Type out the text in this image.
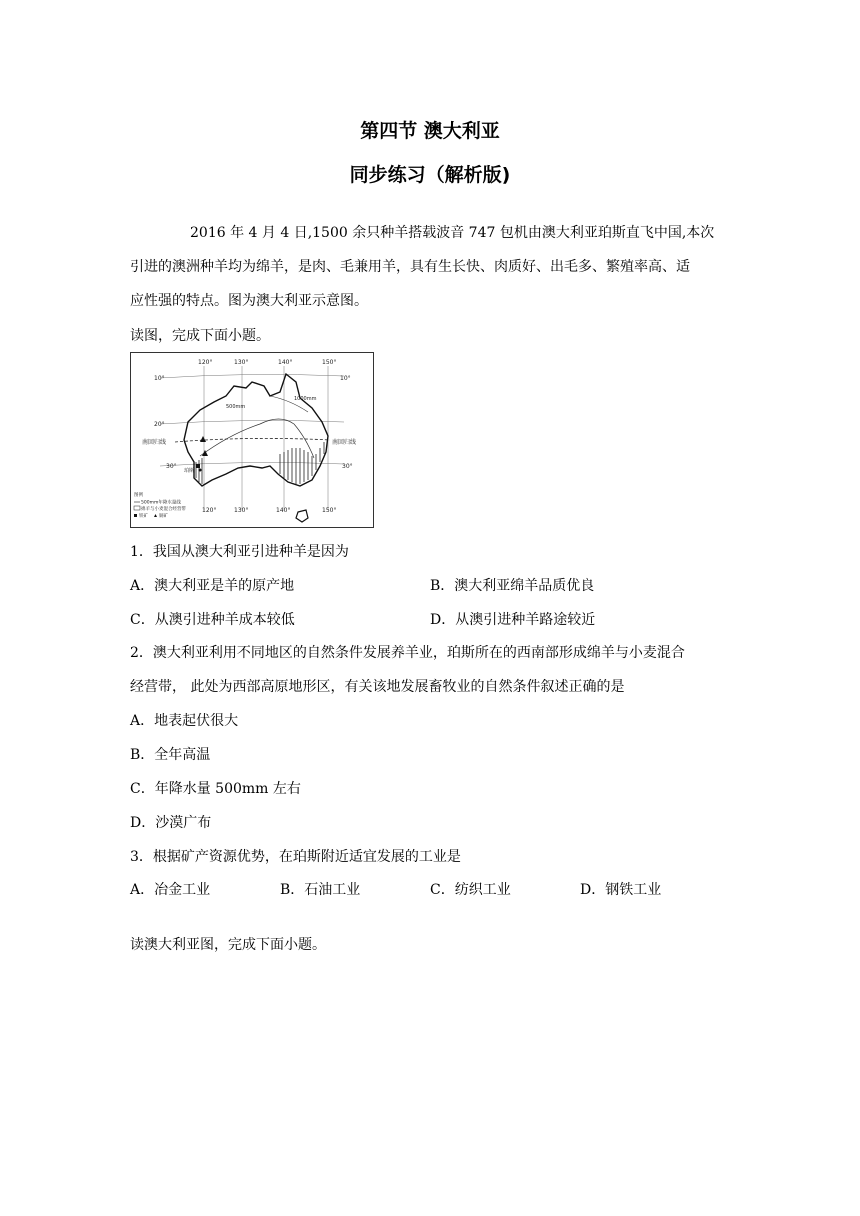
第四节 澳大利亚
同步练习（解析版)
2016 年 4 月 4 日,1500 余只种羊搭载波音 747 包机由澳大利亚珀斯直飞中国,本次
引进的澳洲种羊均为绵羊，是肉、毛兼用羊，具有生长快、肉质好、出毛多、繁殖率高、适
应性强的特点。图为澳大利亚示意图。
读图，完成下面小题。
120°	130°	140°	150°
10°
20°
30°
10°
30°
南回归线	南回归线
500mm
1000mm
珀斯
120°	130°	140°	150°
图例
500mm年降水量线
绵羊与小麦混合经营带
铁矿 铜矿
1．我国从澳大利亚引进种羊是因为
A．澳大利亚是羊的原产地	B．澳大利亚绵羊品质优良
C．从澳引进种羊成本较低	D．从澳引进种羊路途较近
2．澳大利亚利用不同地区的自然条件发展养羊业，珀斯所在的西南部形成绵羊与小麦混合
经营带， 此处为西部高原地形区，有关该地发展畜牧业的自然条件叙述正确的是
A．地表起伏很大
B．全年高温
C．年降水量 500mm 左右
D．沙漠广布
3．根据矿产资源优势，在珀斯附近适宜发展的工业是
A．冶金工业	B．石油工业	C．纺织工业	D．钢铁工业
读澳大利亚图，完成下面小题。
